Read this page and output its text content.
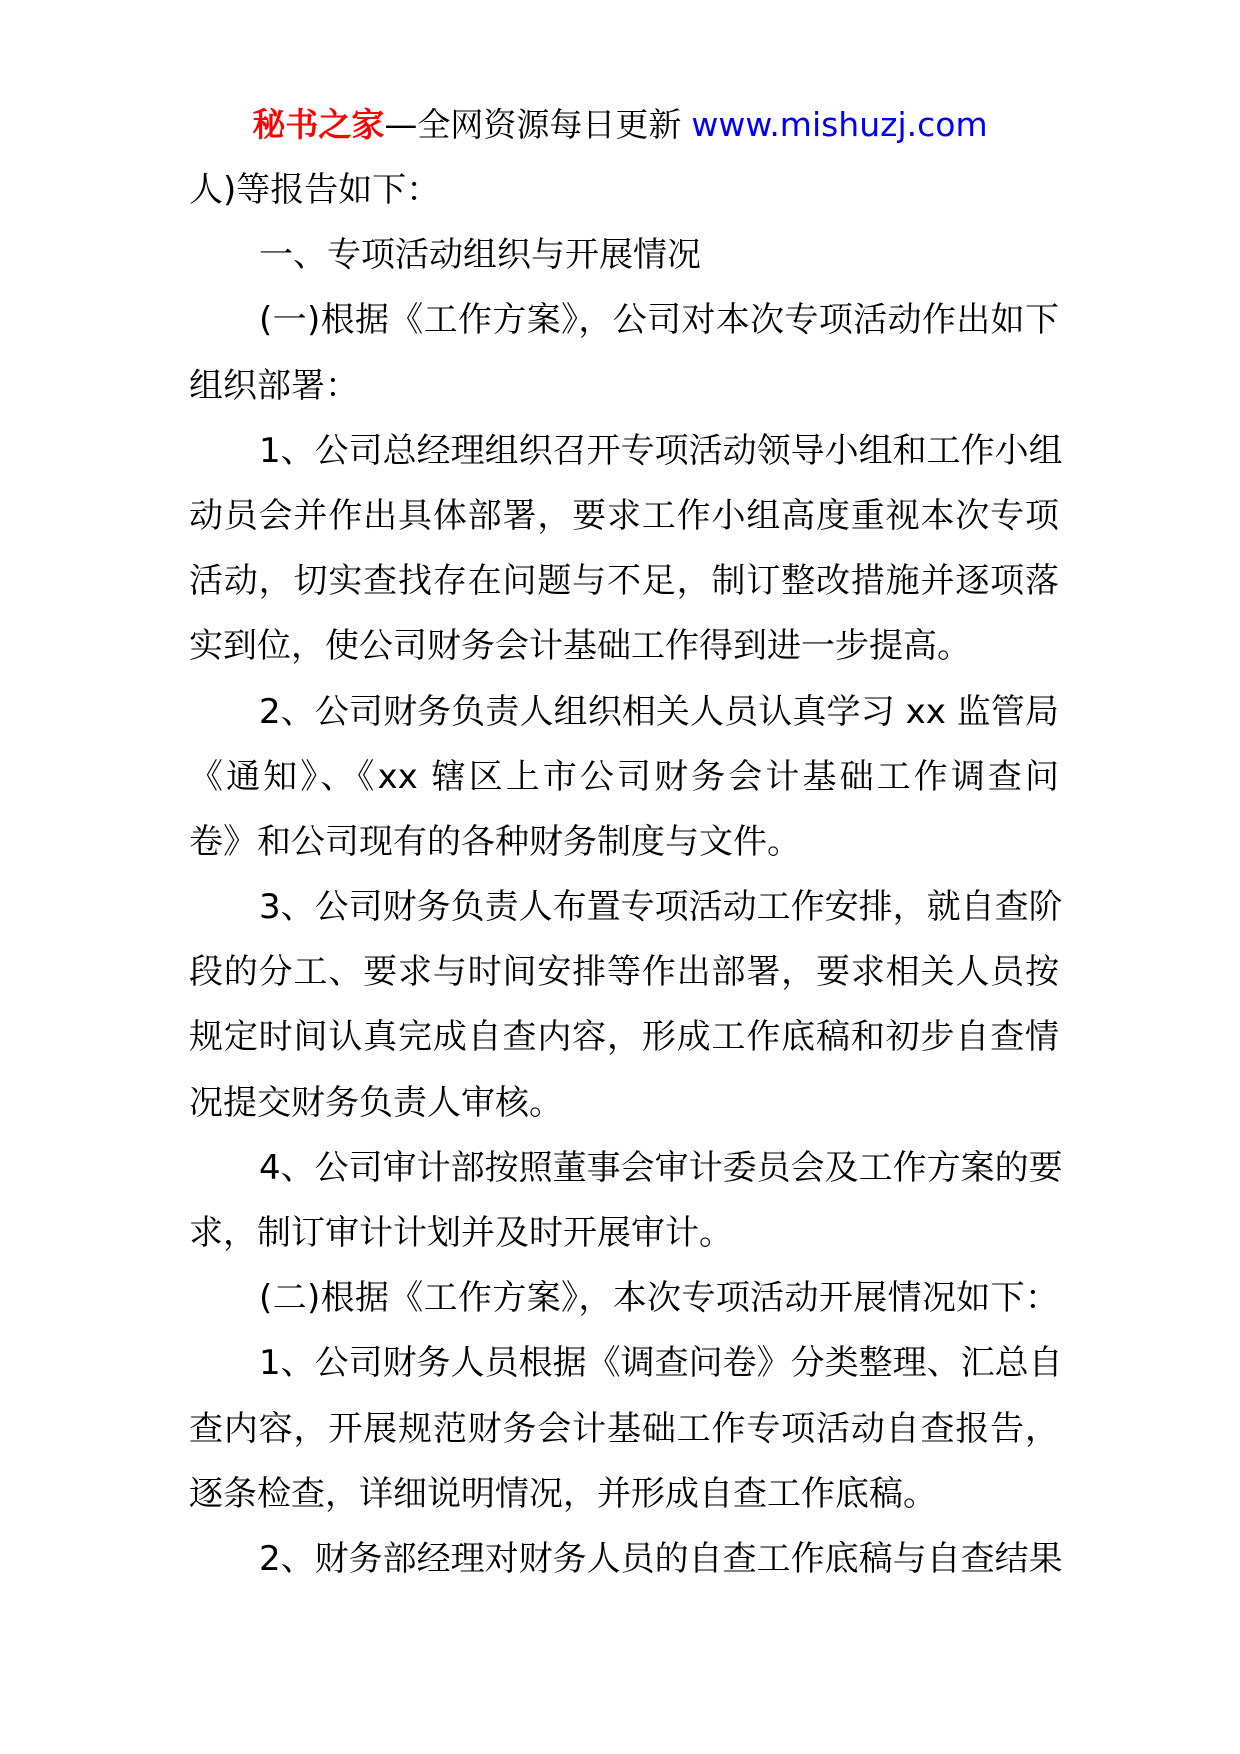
秘书之家—全网资源每日更新 www.mishuzj.com
人)等报告如下：
一、专项活动组织与开展情况
(一)根据《工作方案》，公司对本次专项活动作出如下
组织部署：
1、公司总经理组织召开专项活动领导小组和工作小组
动员会并作出具体部署，要求工作小组高度重视本次专项
活动，切实查找存在问题与不足，制订整改措施并逐项落
实到位，使公司财务会计基础工作得到进一步提高。
2、公司财务负责人组织相关人员认真学习 xx 监管局
《通知》、《xx 辖区上市公司财务会计基础工作调查问
卷》和公司现有的各种财务制度与文件。
3、公司财务负责人布置专项活动工作安排，就自查阶
段的分工、要求与时间安排等作出部署，要求相关人员按
规定时间认真完成自查内容，形成工作底稿和初步自查情
况提交财务负责人审核。
4、公司审计部按照董事会审计委员会及工作方案的要
求，制订审计计划并及时开展审计。
(二)根据《工作方案》，本次专项活动开展情况如下：
1、公司财务人员根据《调查问卷》分类整理、汇总自
查内容，开展规范财务会计基础工作专项活动自查报告，
逐条检查，详细说明情况，并形成自查工作底稿。
2、财务部经理对财务人员的自查工作底稿与自查结果
